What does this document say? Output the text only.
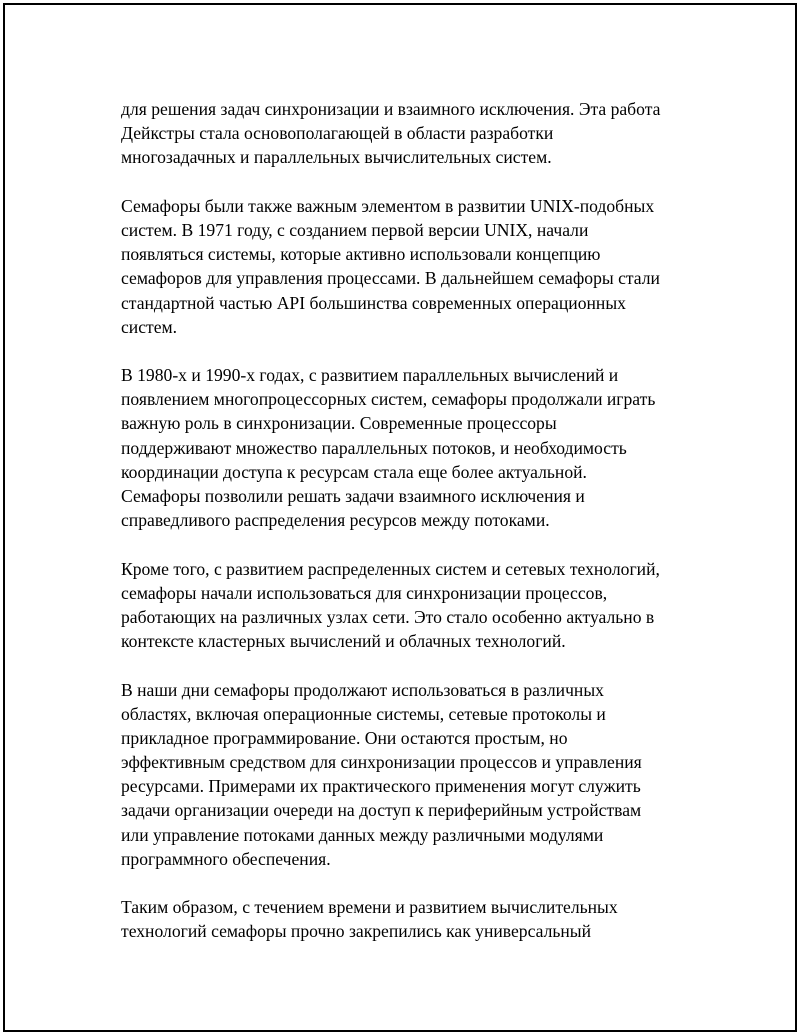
для решения задач синхронизации и взаимного исключения. Эта работа
Дейкстры стала основополагающей в области разработки
многозадачных и параллельных вычислительных систем.
Семафоры были также важным элементом в развитии UNIX-подобных
систем. В 1971 году, с созданием первой версии UNIX, начали
появляться системы, которые активно использовали концепцию
семафоров для управления процессами. В дальнейшем семафоры стали
стандартной частью API большинства современных операционных
систем.
В 1980-х и 1990-х годах, с развитием параллельных вычислений и
появлением многопроцессорных систем, семафоры продолжали играть
важную роль в синхронизации. Современные процессоры
поддерживают множество параллельных потоков, и необходимость
координации доступа к ресурсам стала еще более актуальной.
Семафоры позволили решать задачи взаимного исключения и
справедливого распределения ресурсов между потоками.
Кроме того, с развитием распределенных систем и сетевых технологий,
семафоры начали использоваться для синхронизации процессов,
работающих на различных узлах сети. Это стало особенно актуально в
контексте кластерных вычислений и облачных технологий.
В наши дни семафоры продолжают использоваться в различных
областях, включая операционные системы, сетевые протоколы и
прикладное программирование. Они остаются простым, но
эффективным средством для синхронизации процессов и управления
ресурсами. Примерами их практического применения могут служить
задачи организации очереди на доступ к периферийным устройствам
или управление потоками данных между различными модулями
программного обеспечения.
Таким образом, с течением времени и развитием вычислительных
технологий семафоры прочно закрепились как универсальный
